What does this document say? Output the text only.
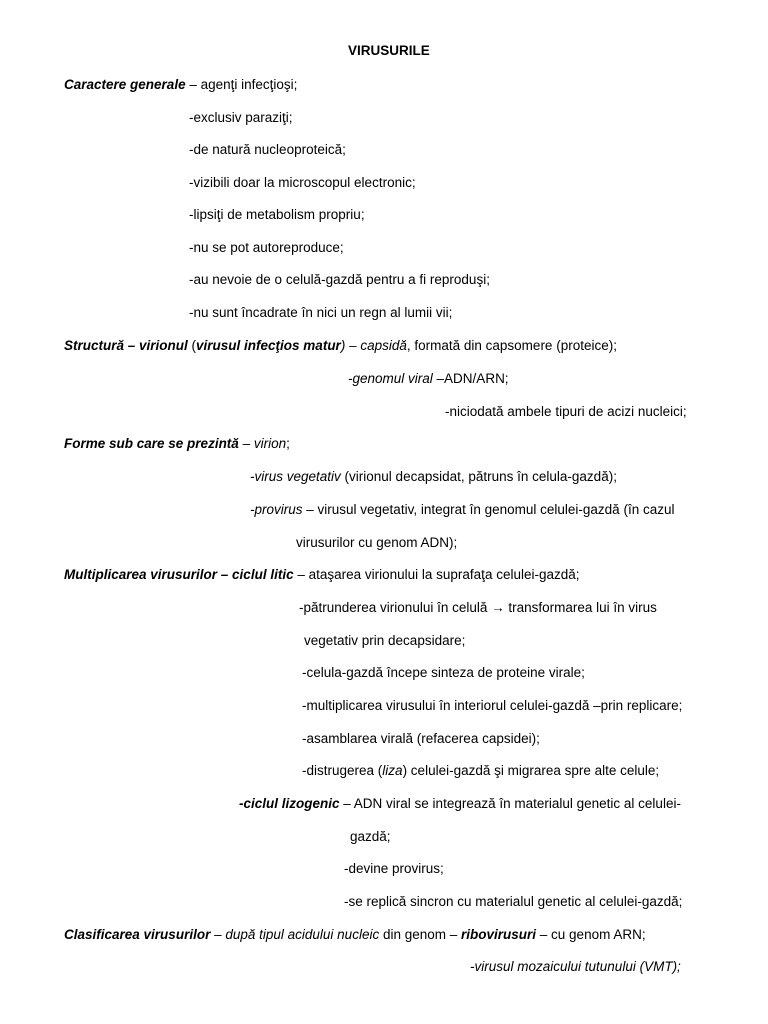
VIRUSURILE
Caractere generale – agenţi infecţioşi;
-exclusiv paraziţi;
-de natură nucleoproteică;
-vizibili doar la microscopul electronic;
-lipsiţi de metabolism propriu;
-nu se pot autoreproduce;
-au nevoie de o celulă-gazdă pentru a fi reproduşi;
-nu sunt încadrate în nici un regn al lumii vii;
Structură – virionul (virusul infecţios matur) – capsidă, formată din capsomere (proteice);
-genomul viral –ADN/ARN;
-niciodată ambele tipuri de acizi nucleici;
Forme sub care se prezintă – virion;
-virus vegetativ (virionul decapsidat, pătruns în celula-gazdă);
-provirus – virusul vegetativ, integrat în genomul celulei-gazdă (în cazul
virusurilor cu genom ADN);
Multiplicarea virusurilor – ciclul litic – ataşarea virionului la suprafaţa celulei-gazdă;
-pătrunderea virionului în celulă → transformarea lui în virus
vegetativ prin decapsidare;
-celula-gazdă începe sinteza de proteine virale;
-multiplicarea virusului în interiorul celulei-gazdă –prin replicare;
-asamblarea virală (refacerea capsidei);
-distrugerea (liza) celulei-gazdă şi migrarea spre alte celule;
-ciclul lizogenic – ADN viral se integrează în materialul genetic al celulei-
gazdă;
-devine provirus;
-se replică sincron cu materialul genetic al celulei-gazdă;
Clasificarea virusurilor – după tipul acidului nucleic din genom – ribovirusuri – cu genom ARN;
-virusul mozaicului tutunului (VMT);
